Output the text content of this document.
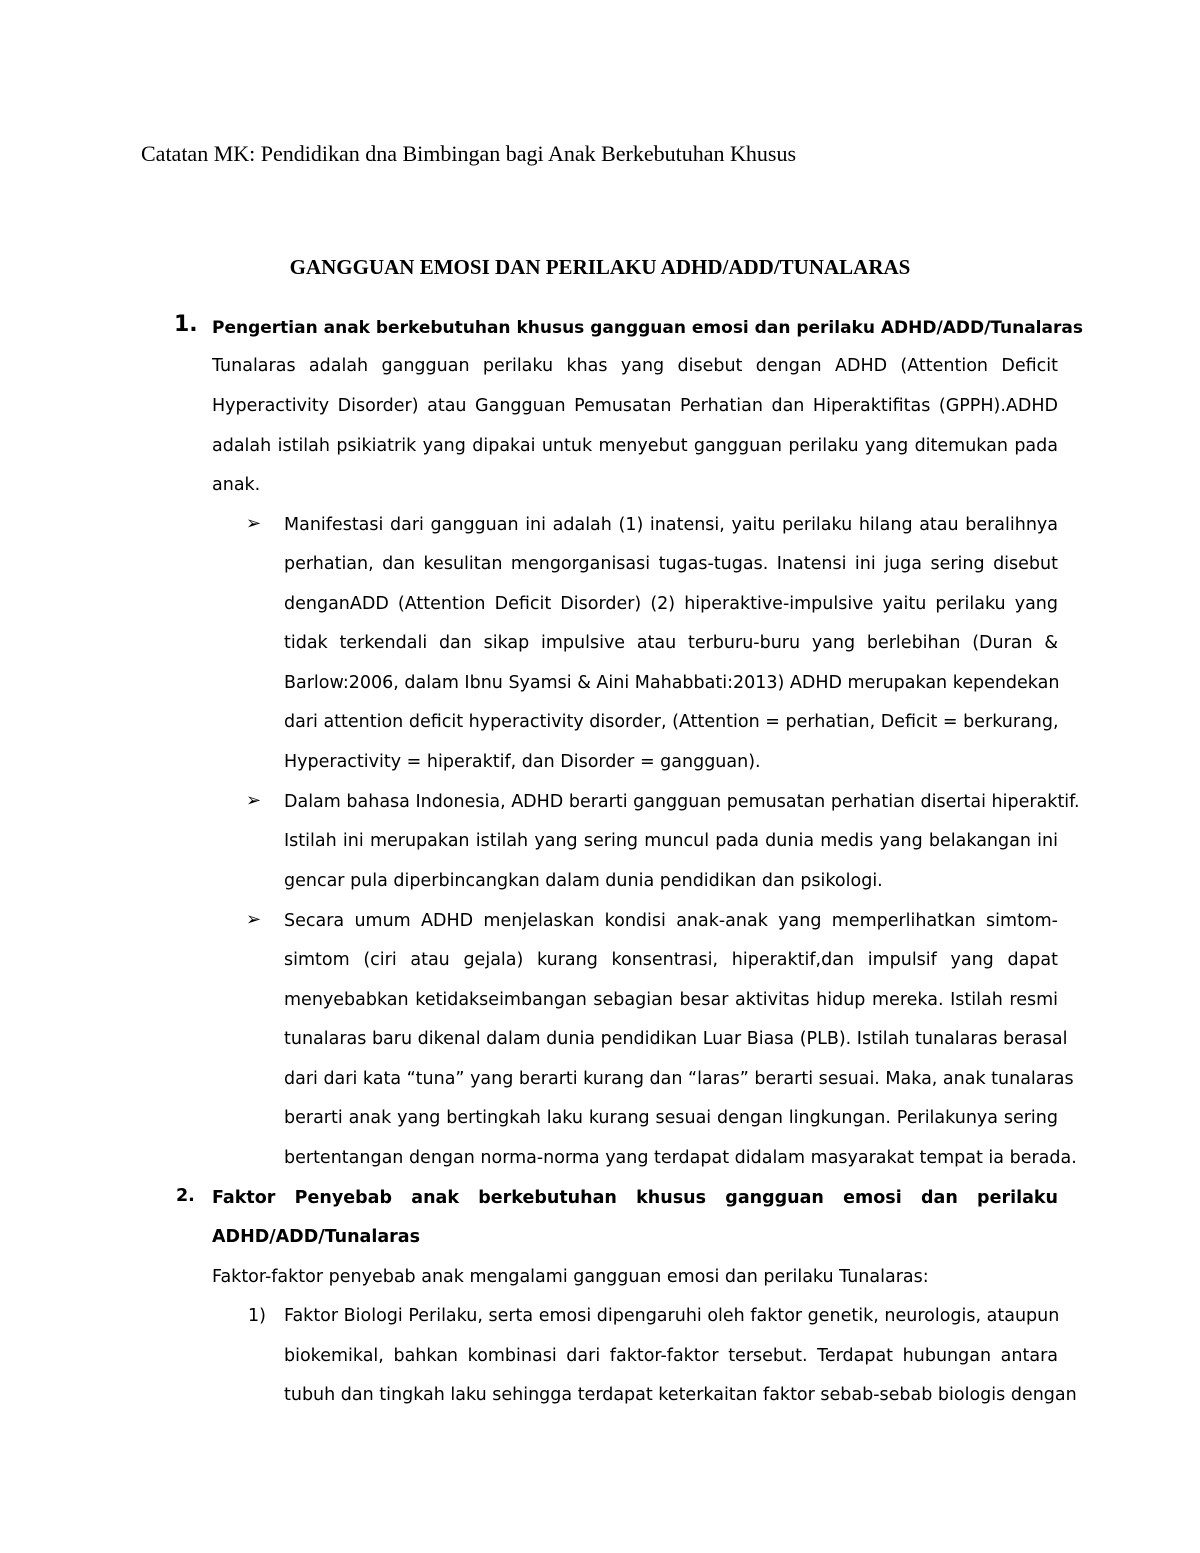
Catatan MK: Pendidikan dna Bimbingan bagi Anak Berkebutuhan Khusus
GANGGUAN EMOSI DAN PERILAKU ADHD/ADD/TUNALARAS
1. Pengertian anak berkebutuhan khusus gangguan emosi dan perilaku ADHD/ADD/Tunalaras
Tunalaras adalah gangguan perilaku khas yang disebut dengan ADHD (Attention Deficit
Hyperactivity Disorder) atau Gangguan Pemusatan Perhatian dan Hiperaktifitas (GPPH).ADHD
adalah istilah psikiatrik yang dipakai untuk menyebut gangguan perilaku yang ditemukan pada
anak.
➢ Manifestasi dari gangguan ini adalah (1) inatensi, yaitu perilaku hilang atau beralihnya
perhatian, dan kesulitan mengorganisasi tugas-tugas. Inatensi ini juga sering disebut
denganADD (Attention Deficit Disorder) (2) hiperaktive-impulsive yaitu perilaku yang
tidak terkendali dan sikap impulsive atau terburu-buru yang berlebihan (Duran &
Barlow:2006, dalam Ibnu Syamsi & Aini Mahabbati:2013) ADHD merupakan kependekan
dari attention deficit hyperactivity disorder, (Attention = perhatian, Deficit = berkurang,
Hyperactivity = hiperaktif, dan Disorder = gangguan).
➢ Dalam bahasa Indonesia, ADHD berarti gangguan pemusatan perhatian disertai hiperaktif.
Istilah ini merupakan istilah yang sering muncul pada dunia medis yang belakangan ini
gencar pula diperbincangkan dalam dunia pendidikan dan psikologi.
➢ Secara umum ADHD menjelaskan kondisi anak-anak yang memperlihatkan simtom-
simtom (ciri atau gejala) kurang konsentrasi, hiperaktif,dan impulsif yang dapat
menyebabkan ketidakseimbangan sebagian besar aktivitas hidup mereka. Istilah resmi
tunalaras baru dikenal dalam dunia pendidikan Luar Biasa (PLB). Istilah tunalaras berasal
dari dari kata “tuna” yang berarti kurang dan “laras” berarti sesuai. Maka, anak tunalaras
berarti anak yang bertingkah laku kurang sesuai dengan lingkungan. Perilakunya sering
bertentangan dengan norma-norma yang terdapat didalam masyarakat tempat ia berada.
2. Faktor Penyebab anak berkebutuhan khusus gangguan emosi dan perilaku
ADHD/ADD/Tunalaras
Faktor-faktor penyebab anak mengalami gangguan emosi dan perilaku Tunalaras:
1) Faktor Biologi Perilaku, serta emosi dipengaruhi oleh faktor genetik, neurologis, ataupun
biokemikal, bahkan kombinasi dari faktor-faktor tersebut. Terdapat hubungan antara
tubuh dan tingkah laku sehingga terdapat keterkaitan faktor sebab-sebab biologis dengan
